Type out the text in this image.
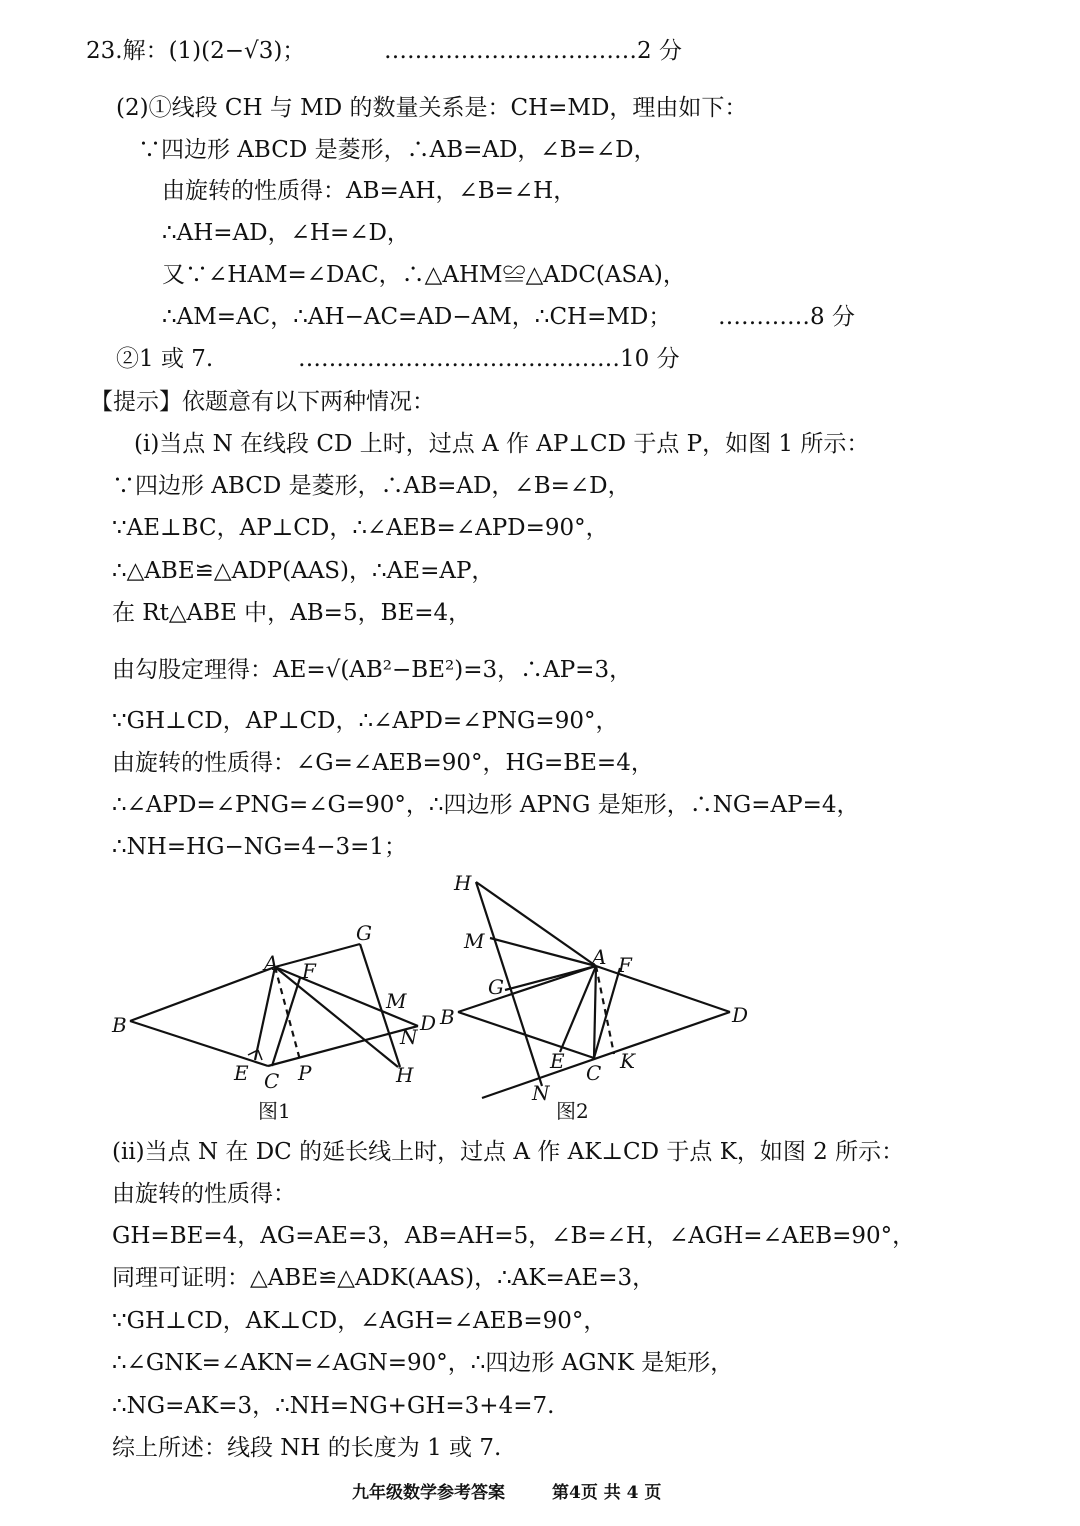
23.解：(1)(2−√3)；	……………………………2 分
(2)①线段 CH 与 MD 的数量关系是：CH=MD，理由如下：
∵四边形 ABCD 是菱形，∴AB=AD，∠B=∠D，
由旋转的性质得：AB=AH，∠B=∠H，
∴AH=AD，∠H=∠D，
又∵∠HAM=∠DAC，∴△AHM≌△ADC(ASA)，
∴AM=AC，∴AH−AC=AD−AM，∴CH=MD； …………8 分
②1 或 7.	……………………………………10 分
【提示】依题意有以下两种情况：
(ⅰ)当点 N 在线段 CD 上时，过点 A 作 AP⊥CD 于点 P，如图 1 所示：
∵四边形 ABCD 是菱形，∴AB=AD，∠B=∠D，
∵AE⊥BC，AP⊥CD，∴∠AEB=∠APD=90°，
∴△ABE≌△ADP(AAS)，∴AE=AP，
在 Rt△ABE 中，AB=5，BE=4，
由勾股定理得：AE=√(AB²−BE²)=3，∴AP=3，
∵GH⊥CD，AP⊥CD，∴∠APD=∠PNG=90°，
由旋转的性质得：∠G=∠AEB=90°，HG=BE=4，
∴∠APD=∠PNG=∠G=90°，∴四边形 APNG 是矩形，∴NG=AP=4，
∴NH=HG−NG=4−3=1；
B
A F
G
M
D
N
H
E C P
图1
H
M
G
A F
B	D
E C K
N
图2
(ⅱ)当点 N 在 DC 的延长线上时，过点 A 作 AK⊥CD 于点 K，如图 2 所示：
由旋转的性质得：
GH=BE=4，AG=AE=3，AB=AH=5，∠B=∠H，∠AGH=∠AEB=90°，
同理可证明：△ABE≌△ADK(AAS)，∴AK=AE=3，
∵GH⊥CD，AK⊥CD，∠AGH=∠AEB=90°，
∴∠GNK=∠AKN=∠AGN=90°，∴四边形 AGNK 是矩形，
∴NG=AK=3，∴NH=NG+GH=3+4=7.
综上所述：线段 NH 的长度为 1 或 7.
九年级数学参考答案	第4页 共 4 页
